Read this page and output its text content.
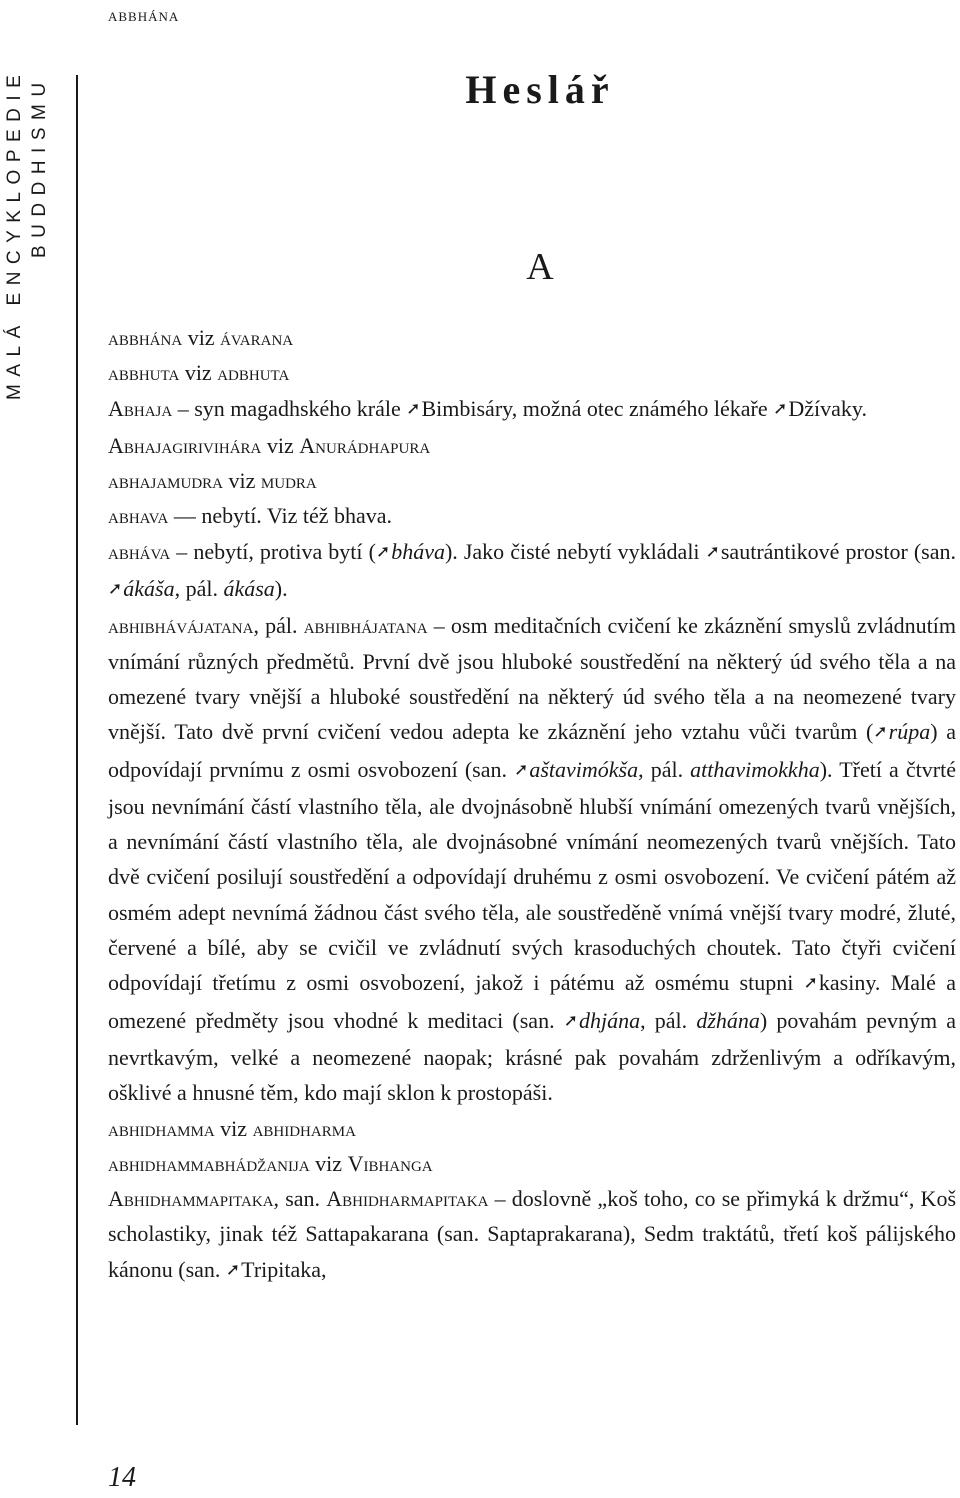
abbhána
MALÁ ENCYKLOPEDIE BUDDHISMU	Heslář
A

abbhána viz ávarana

abbhuta viz adbhuta

Abhaja – syn magadhského krále ➚Bimbisáry, možná otec známého lékaře ➚Džívaky.

Abhajagirivihára viz Anurádhapura

abhajamudra viz mudra

abhava — nebytí. Viz též bhava.

abháva – nebytí, protiva bytí (➚bháva). Jako čisté nebytí vykládali ➚sautrántikové prostor (san. ➚ákáša, pál. ákása).

abhibhávájatana, pál. abhibhájatana – osm meditačních cvičení ke zkáznění smyslů zvládnutím vnímání různých předmětů. První dvě jsou hluboké soustředění na některý úd svého těla a na omezené tvary vnější a hluboké soustředění na některý úd svého těla a na neomezené tvary vnější. Tato dvě první cvičení vedou adepta ke zkáznění jeho vztahu vůči tvarům (➚rúpa) a odpovídají prvnímu z osmi osvobození (san. ➚aštavimókša, pál. atthavimokkha). Třetí a čtvrté jsou nevnímání částí vlastního těla, ale dvojnásobně hlubší vnímání omezených tvarů vnějších, a nevnímání částí vlastního těla, ale dvojnásobné vnímání neomezených tvarů vnějších. Tato dvě cvičení posilují soustředění a odpovídají druhému z osmi osvobození. Ve cvičení pátém až osmém adept nevnímá žádnou část svého těla, ale soustředěně vnímá vnější tvary modré, žluté, červené a bílé, aby se cvičil ve zvládnutí svých krasoduchých choutek. Tato čtyři cvičení odpovídají třetímu z osmi osvobození, jakož i pátému až osmému stupni ➚kasiny. Malé a omezené předměty jsou vhodné k meditaci (san. ➚dhjána, pál. džhána) povahám pevným a nevrtkavým, velké a neomezené naopak; krásné pak povahám zdrženlivým a odříkavým, ošklivé a hnusné těm, kdo mají sklon k prostopáši.

abhidhamma viz abhidharma

abhidhammabhádžanija viz Vibhanga

Abhidhammapitaka, san. Abhidharmapitaka – doslovně „koš toho, co se přimyká k držmu“, Koš scholastiky, jinak též Sattapakarana (san. Saptaprakarana), Sedm traktátů, třetí koš pálijského kánonu (san. ➚Tripitaka,

14
